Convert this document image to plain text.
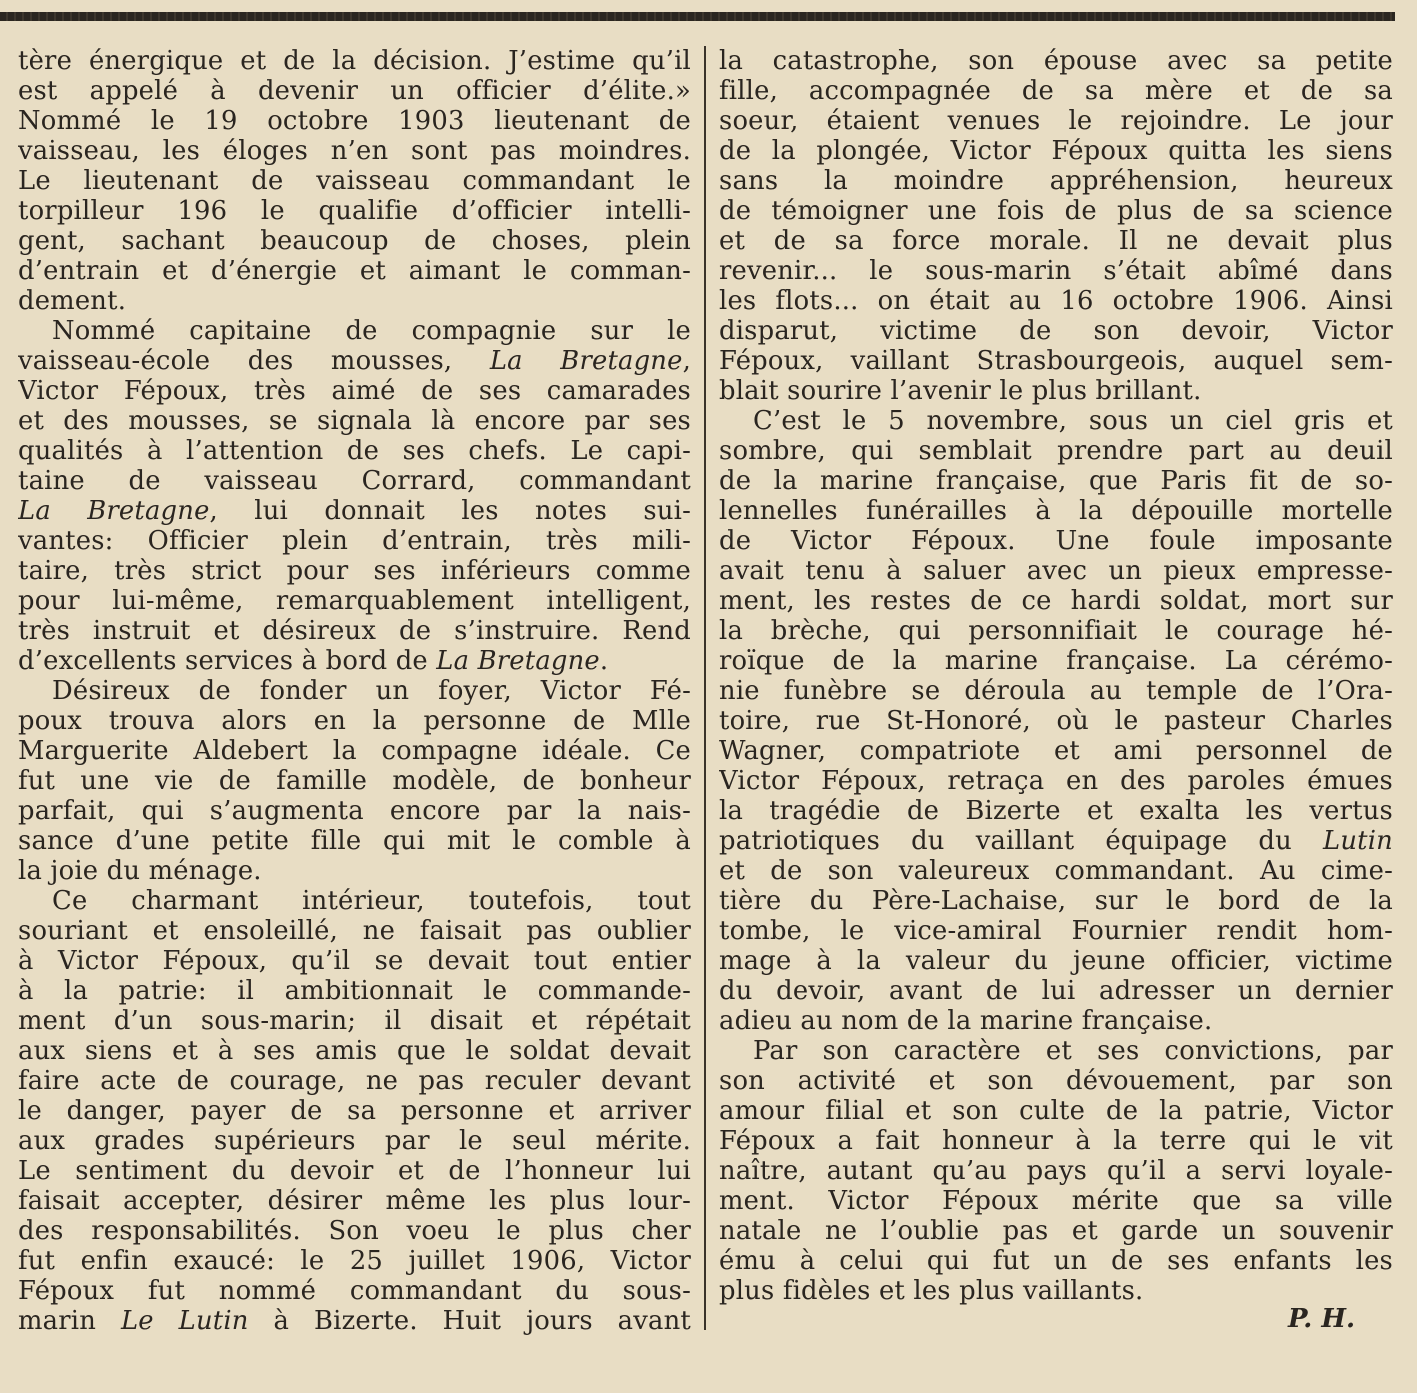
tère énergique et de la décision. J’estime qu’il
est appelé à devenir un officier d’élite.»
Nommé le 19 octobre 1903 lieutenant de
vaisseau, les éloges n’en sont pas moindres.
Le lieutenant de vaisseau commandant le
torpilleur 196 le qualifie d’officier intelli-
gent, sachant beaucoup de choses, plein
d’entrain et d’énergie et aimant le comman-
dement.
Nommé capitaine de compagnie sur le
vaisseau-école des mousses, La Bretagne,
Victor Fépoux, très aimé de ses camarades
et des mousses, se signala là encore par ses
qualités à l’attention de ses chefs. Le capi-
taine de vaisseau Corrard, commandant
La Bretagne, lui donnait les notes sui-
vantes: Officier plein d’entrain, très mili-
taire, très strict pour ses inférieurs comme
pour lui-même, remarquablement intelligent,
très instruit et désireux de s’instruire. Rend
d’excellents services à bord de La Bretagne.
Désireux de fonder un foyer, Victor Fé-
poux trouva alors en la personne de Mlle
Marguerite Aldebert la compagne idéale. Ce
fut une vie de famille modèle, de bonheur
parfait, qui s’augmenta encore par la nais-
sance d’une petite fille qui mit le comble à
la joie du ménage.
Ce charmant intérieur, toutefois, tout
souriant et ensoleillé, ne faisait pas oublier
à Victor Fépoux, qu’il se devait tout entier
à la patrie: il ambitionnait le commande-
ment d’un sous-marin; il disait et répétait
aux siens et à ses amis que le soldat devait
faire acte de courage, ne pas reculer devant
le danger, payer de sa personne et arriver
aux grades supérieurs par le seul mérite.
Le sentiment du devoir et de l’honneur lui
faisait accepter, désirer même les plus lour-
des responsabilités. Son voeu le plus cher
fut enfin exaucé: le 25 juillet 1906, Victor
Fépoux fut nommé commandant du sous-
marin Le Lutin à Bizerte. Huit jours avant
la catastrophe, son épouse avec sa petite
fille, accompagnée de sa mère et de sa
soeur, étaient venues le rejoindre. Le jour
de la plongée, Victor Fépoux quitta les siens
sans la moindre appréhension, heureux
de témoigner une fois de plus de sa science
et de sa force morale. Il ne devait plus
revenir... le sous-marin s’était abîmé dans
les flots... on était au 16 octobre 1906. Ainsi
disparut, victime de son devoir, Victor
Fépoux, vaillant Strasbourgeois, auquel sem-
blait sourire l’avenir le plus brillant.
C’est le 5 novembre, sous un ciel gris et
sombre, qui semblait prendre part au deuil
de la marine française, que Paris fit de so-
lennelles funérailles à la dépouille mortelle
de Victor Fépoux. Une foule imposante
avait tenu à saluer avec un pieux empresse-
ment, les restes de ce hardi soldat, mort sur
la brèche, qui personnifiait le courage hé-
roïque de la marine française. La cérémo-
nie funèbre se déroula au temple de l’Ora-
toire, rue St-Honoré, où le pasteur Charles
Wagner, compatriote et ami personnel de
Victor Fépoux, retraça en des paroles émues
la tragédie de Bizerte et exalta les vertus
patriotiques du vaillant équipage du Lutin
et de son valeureux commandant. Au cime-
tière du Père-Lachaise, sur le bord de la
tombe, le vice-amiral Fournier rendit hom-
mage à la valeur du jeune officier, victime
du devoir, avant de lui adresser un dernier
adieu au nom de la marine française.
Par son caractère et ses convictions, par
son activité et son dévouement, par son
amour filial et son culte de la patrie, Victor
Fépoux a fait honneur à la terre qui le vit
naître, autant qu’au pays qu’il a servi loyale-
ment. Victor Fépoux mérite que sa ville
natale ne l’oublie pas et garde un souvenir
ému à celui qui fut un de ses enfants les
plus fidèles et les plus vaillants.
P. H.
